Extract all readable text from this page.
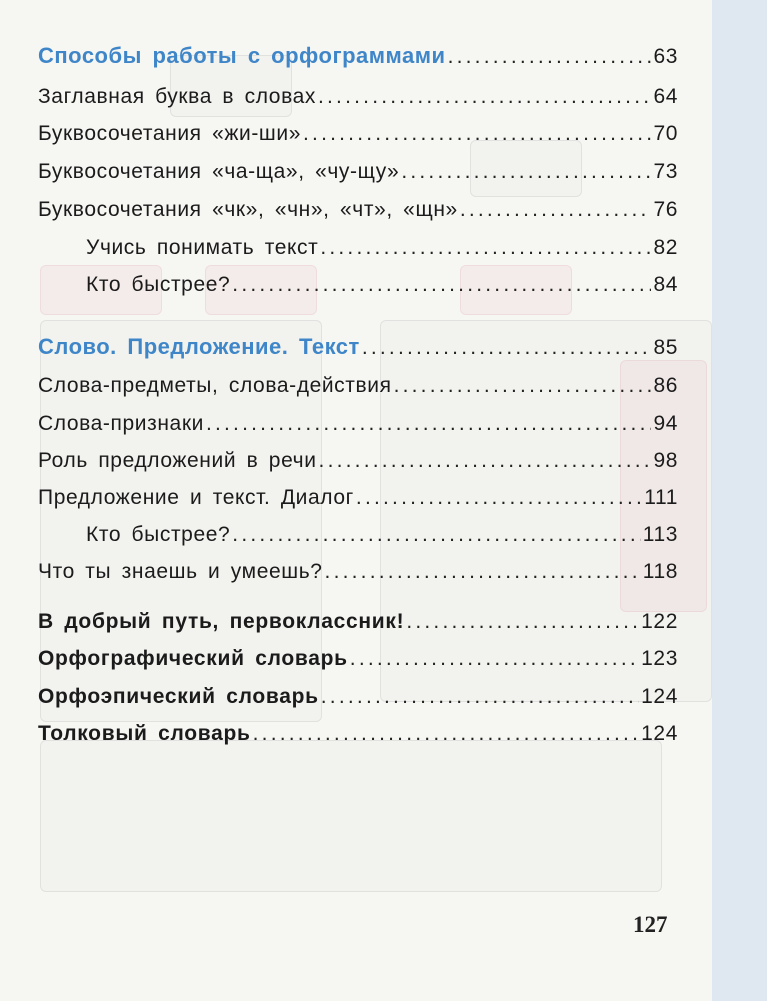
Способы работы с орфограммами .....	63
Заглавная буква в словах .....	64
Буквосочетания «жи-ши» .....	70
Буквосочетания «ча-ща», «чу-щу» .....	73
Буквосочетания «чк», «чн», «чт», «щн» .....	76
Учись понимать текст .....	82
Кто быстрее? .....	84
Слово. Предложение. Текст .....	85
Слова-предметы, слова-действия .....	86
Слова-признаки .....	94
Роль предложений в речи .....	98
Предложение и текст. Диалог .....	111
Кто быстрее? .....	113
Что ты знаешь и умеешь? .....	118
В добрый путь, первоклассник! .....	122
Орфографический словарь .....	123
Орфоэпический словарь .....	124
Толковый словарь .....	124
127
